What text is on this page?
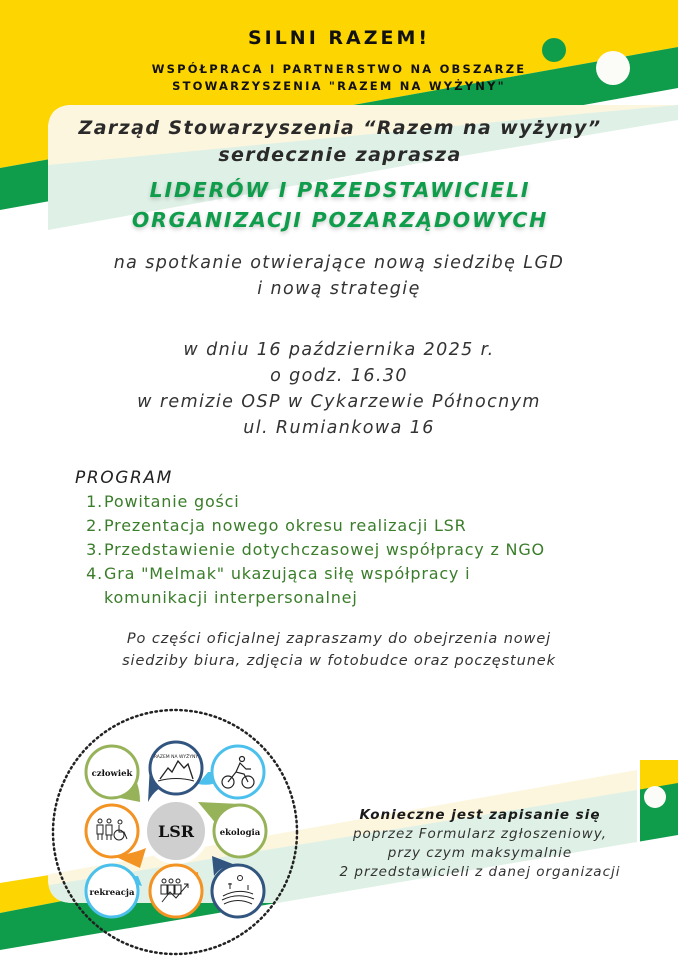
SILNI RAZEM!
WSPÓŁPRACA I PARTNERSTWO NA OBSZARZE
STOWARZYSZENIA "RAZEM NA WYŻYNY"
Zarząd Stowarzyszenia “Razem na wyżyny”
serdecznie zaprasza
LIDERÓW I PRZEDSTAWICIELI
ORGANIZACJI POZARZĄDOWYCH
na spotkanie otwierające nową siedzibę LGD
i nową strategię
w dniu 16 października 2025 r.
o godz. 16.30
w remizie OSP w Cykarzewie Północnym
ul. Rumiankowa 16
PROGRAM
1. Powitanie gości
2. Prezentacja nowego okresu realizacji LSR
3. Przedstawienie dotychczasowej współpracy z NGO
4. Gra "Melmak" ukazująca siłę współpracy i
komunikacji interpersonalnej
Po części oficjalnej zapraszamy do obejrzenia nowej
siedziby biura, zdjęcia w fotobudce oraz poczęstunek
Konieczne jest zapisanie się
poprzez Formularz zgłoszeniowy,
przy czym maksymalnie
2 przedstawicieli z danej organizacji
LSR
człowiek
RAZEM NA WYŻYNY
ekologia
rekreacja
